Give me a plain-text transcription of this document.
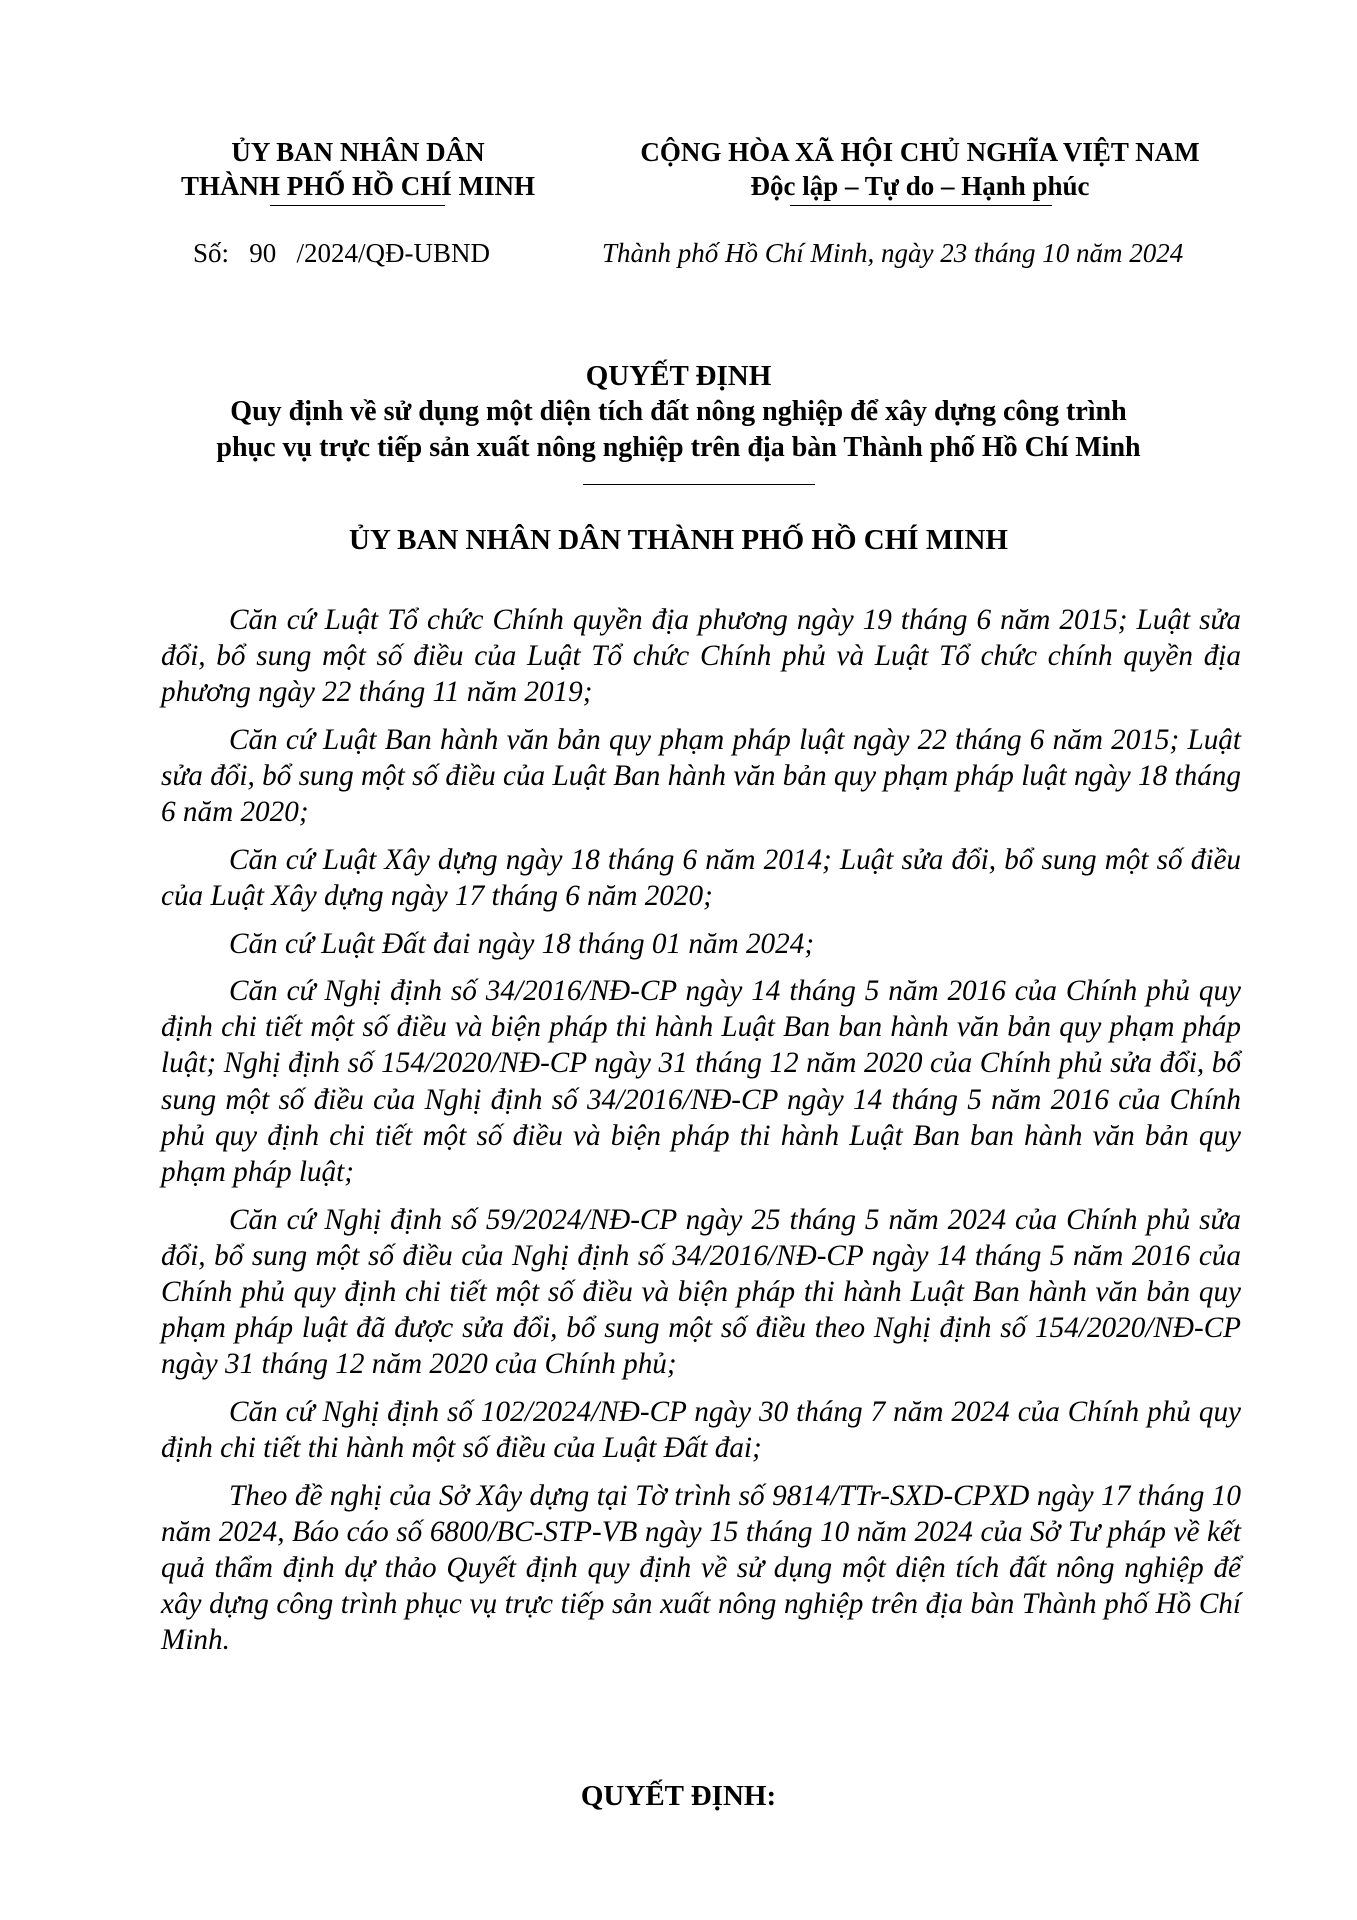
ỦY BAN NHÂN DÂN
THÀNH PHỐ HỒ CHÍ MINH
CỘNG HÒA XÃ HỘI CHỦ NGHĨA VIỆT NAM
Độc lập – Tự do – Hạnh phúc
Số:   90   /2024/QĐ-UBND	Thành phố Hồ Chí Minh, ngày 23 tháng 10 năm 2024
QUYẾT ĐỊNH
Quy định về sử dụng một diện tích đất nông nghiệp để xây dựng công trình
phục vụ trực tiếp sản xuất nông nghiệp trên địa bàn Thành phố Hồ Chí Minh
ỦY BAN NHÂN DÂN THÀNH PHỐ HỒ CHÍ MINH

Căn cứ Luật Tổ chức Chính quyền địa phương ngày 19 tháng 6 năm 2015; Luật sửa đổi, bổ sung một số điều của Luật Tổ chức Chính phủ và Luật Tổ chức chính quyền địa phương ngày 22 tháng 11 năm 2019;

Căn cứ Luật Ban hành văn bản quy phạm pháp luật ngày 22 tháng 6 năm 2015; Luật sửa đổi, bổ sung một số điều của Luật Ban hành văn bản quy phạm pháp luật ngày 18 tháng 6 năm 2020;

Căn cứ Luật Xây dựng ngày 18 tháng 6 năm 2014; Luật sửa đổi, bổ sung một số điều của Luật Xây dựng ngày 17 tháng 6 năm 2020;

Căn cứ Luật Đất đai ngày 18 tháng 01 năm 2024;

Căn cứ Nghị định số 34/2016/NĐ-CP ngày 14 tháng 5 năm 2016 của Chính phủ quy định chi tiết một số điều và biện pháp thi hành Luật Ban ban hành văn bản quy phạm pháp luật; Nghị định số 154/2020/NĐ-CP ngày 31 tháng 12 năm 2020 của Chính phủ sửa đổi, bổ sung một số điều của Nghị định số 34/2016/NĐ-CP ngày 14 tháng 5 năm 2016 của Chính phủ quy định chi tiết một số điều và biện pháp thi hành Luật Ban ban hành văn bản quy phạm pháp luật;

Căn cứ Nghị định số 59/2024/NĐ-CP ngày 25 tháng 5 năm 2024 của Chính phủ sửa đổi, bổ sung một số điều của Nghị định số 34/2016/NĐ-CP ngày 14 tháng 5 năm 2016 của Chính phủ quy định chi tiết một số điều và biện pháp thi hành Luật Ban hành văn bản quy phạm pháp luật đã được sửa đổi, bổ sung một số điều theo Nghị định số 154/2020/NĐ-CP ngày 31 tháng 12 năm 2020 của Chính phủ;

Căn cứ Nghị định số 102/2024/NĐ-CP ngày 30 tháng 7 năm 2024 của Chính phủ quy định chi tiết thi hành một số điều của Luật Đất đai;

Theo đề nghị của Sở Xây dựng tại Tờ trình số 9814/TTr-SXD-CPXD ngày 17 tháng 10 năm 2024, Báo cáo số 6800/BC-STP-VB ngày 15 tháng 10 năm 2024 của Sở Tư pháp về kết quả thẩm định dự thảo Quyết định quy định về sử dụng một diện tích đất nông nghiệp để xây dựng công trình phục vụ trực tiếp sản xuất nông nghiệp trên địa bàn Thành phố Hồ Chí Minh.

QUYẾT ĐỊNH:
